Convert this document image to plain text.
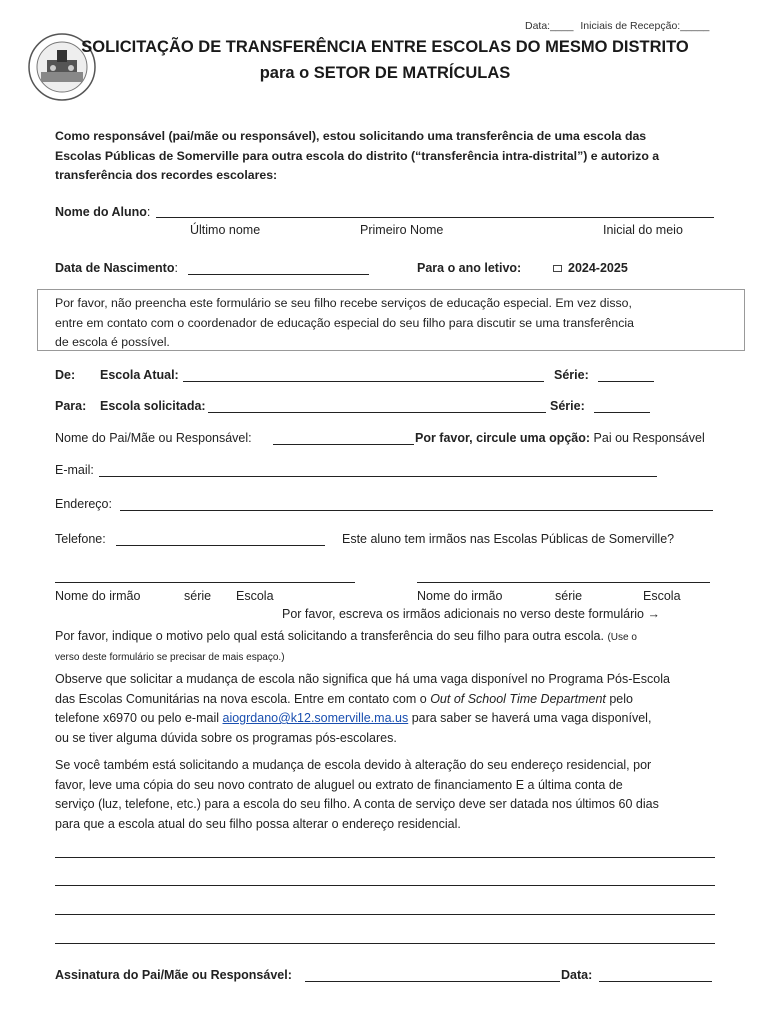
Data:____ Iniciais de Recepção:_____
SOLICITAÇÃO DE TRANSFERÊNCIA ENTRE ESCOLAS DO MESMO DISTRITO
para o SETOR DE MATRÍCULAS
Como responsável (pai/mãe ou responsável), estou solicitando uma transferência de uma escola das
Escolas Públicas de Somerville para outra escola do distrito (“transferência intra-distrital”) e autorizo a
transferência dos recordes escolares:
Nome do Aluno:
Último nome	Primeiro Nome	Inicial do meio
Data de Nascimento:	Para o ano letivo:	2024-2025
Por favor, não preencha este formulário se seu filho recebe serviços de educação especial. Em vez disso,
entre em contato com o coordenador de educação especial do seu filho para discutir se uma transferência
de escola é possível.
De: Escola Atual:	Série:
Para: Escola solicitada:	Série:
Nome do Pai/Mãe ou Responsável:	Por favor, circule uma opção: Pai ou Responsável
E-mail:
Endereço:
Telefone:	Este aluno tem irmãos nas Escolas Públicas de Somerville?
Nome do irmão	série Escola	Nome do irmão	série	Escola
Por favor, escreva os irmãos adicionais no verso deste formulário →
Por favor, indique o motivo pelo qual está solicitando a transferência do seu filho para outra escola. (Use o
verso deste formulário se precisar de mais espaço.)
Observe que solicitar a mudança de escola não significa que há uma vaga disponível no Programa Pós-Escola
das Escolas Comunitárias na nova escola. Entre em contato com o Out of School Time Department pelo
telefone x6970 ou pelo e-mail aiogrdano@k12.somerville.ma.us para saber se haverá uma vaga disponível,
ou se tiver alguma dúvida sobre os programas pós-escolares.
Se você também está solicitando a mudança de escola devido à alteração do seu endereço residencial, por
favor, leve uma cópia do seu novo contrato de aluguel ou extrato de financiamento E a última conta de
serviço (luz, telefone, etc.) para a escola do seu filho. A conta de serviço deve ser datada nos últimos 60 dias
para que a escola atual do seu filho possa alterar o endereço residencial.
Assinatura do Pai/Mãe ou Responsável:	Data:
